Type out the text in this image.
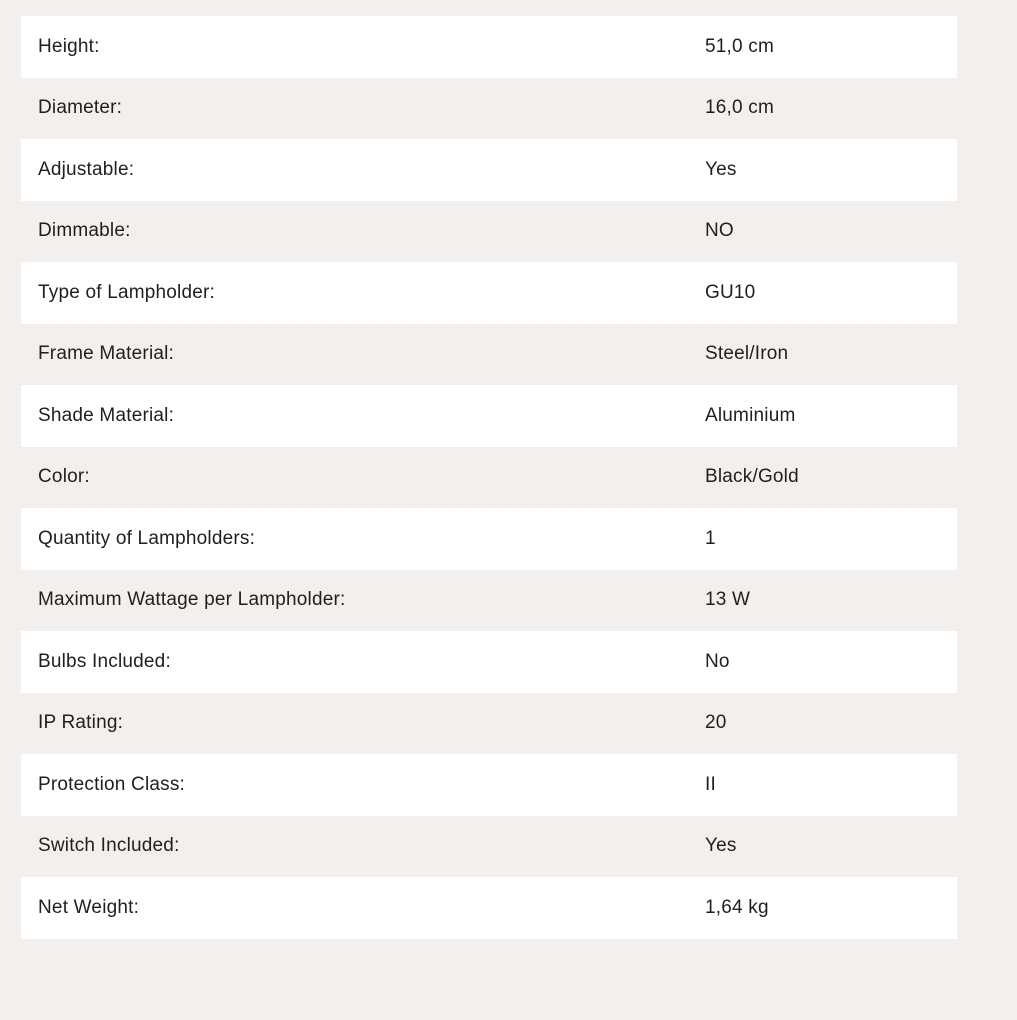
Height:	51,0 cm
Diameter:	16,0 cm
Adjustable:	Yes
Dimmable:	NO
Type of Lampholder:	GU10
Frame Material:	Steel/Iron
Shade Material:	Aluminium
Color:	Black/Gold
Quantity of Lampholders:	1
Maximum Wattage per Lampholder:	13 W
Bulbs Included:	No
IP Rating:	20
Protection Class:	II
Switch Included:	Yes
Net Weight:	1,64 kg
